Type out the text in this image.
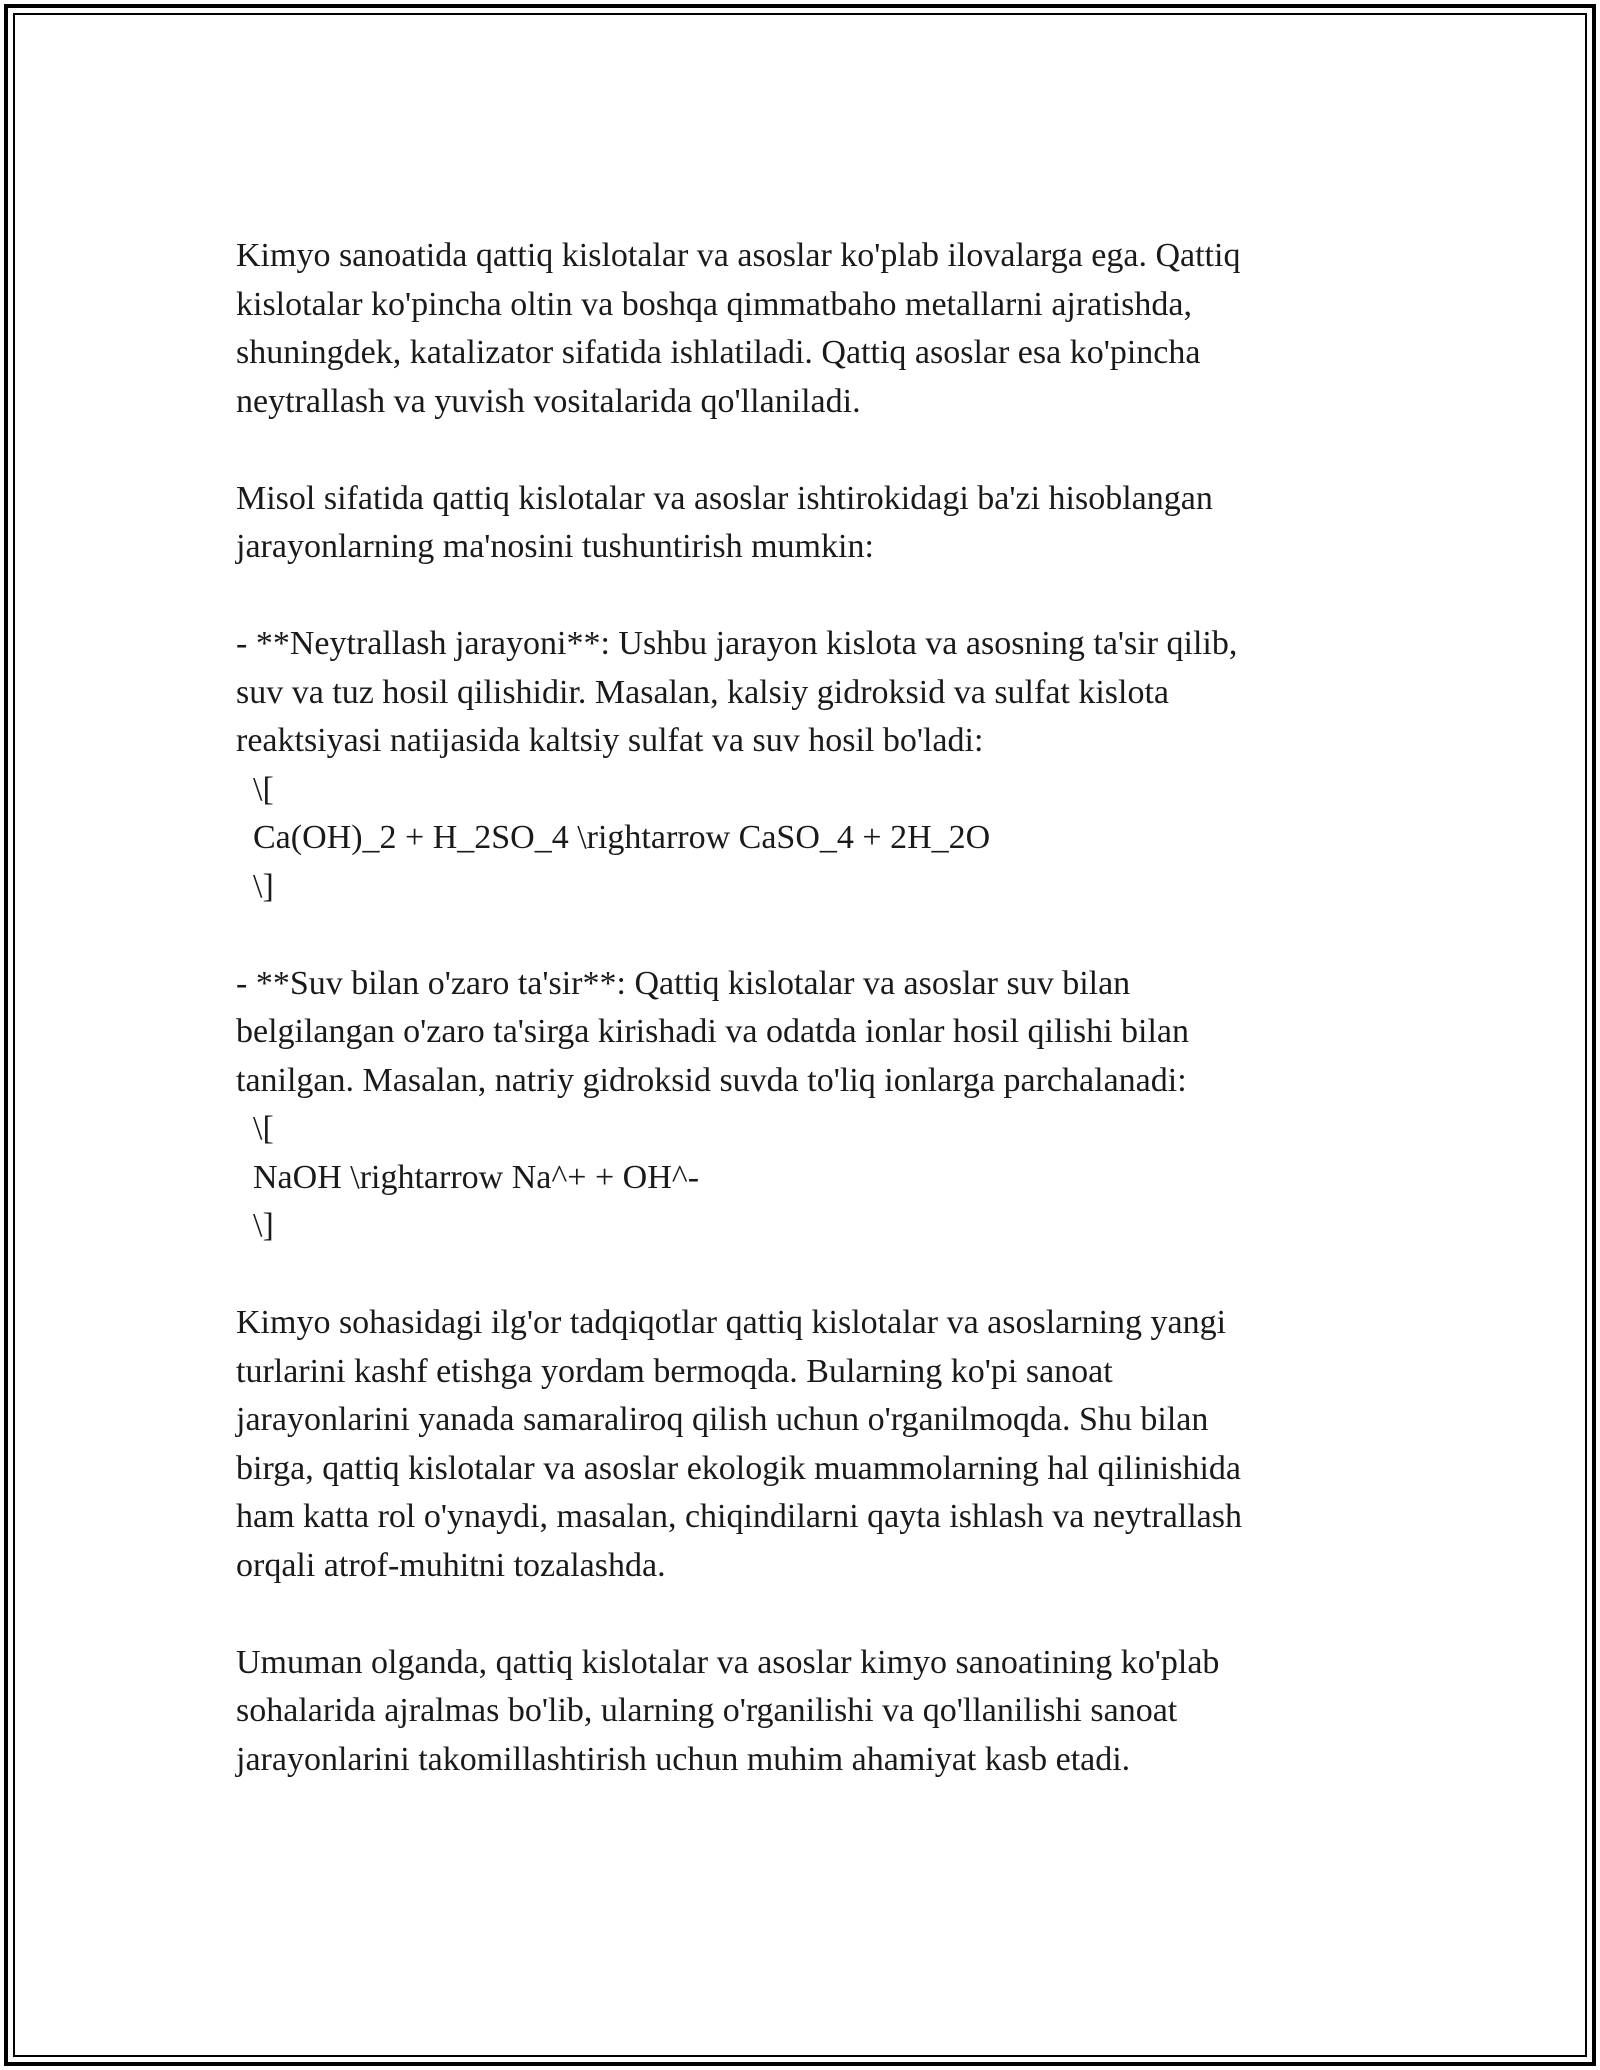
Kimyo sanoatida qattiq kislotalar va asoslar ko'plab ilovalarga ega. Qattiq
kislotalar ko'pincha oltin va boshqa qimmatbaho metallarni ajratishda,
shuningdek, katalizator sifatida ishlatiladi. Qattiq asoslar esa ko'pincha
neytrallash va yuvish vositalarida qo'llaniladi.
Misol sifatida qattiq kislotalar va asoslar ishtirokidagi ba'zi hisoblangan
jarayonlarning ma'nosini tushuntirish mumkin:
- **Neytrallash jarayoni**: Ushbu jarayon kislota va asosning ta'sir qilib,
suv va tuz hosil qilishidir. Masalan, kalsiy gidroksid va sulfat kislota
reaktsiyasi natijasida kaltsiy sulfat va suv hosil bo'ladi:
\[
Ca(OH)_2 + H_2SO_4 \rightarrow CaSO_4 + 2H_2O
\]
- **Suv bilan o'zaro ta'sir**: Qattiq kislotalar va asoslar suv bilan
belgilangan o'zaro ta'sirga kirishadi va odatda ionlar hosil qilishi bilan
tanilgan. Masalan, natriy gidroksid suvda to'liq ionlarga parchalanadi:
\[
NaOH \rightarrow Na^+ + OH^-
\]
Kimyo sohasidagi ilg'or tadqiqotlar qattiq kislotalar va asoslarning yangi
turlarini kashf etishga yordam bermoqda. Bularning ko'pi sanoat
jarayonlarini yanada samaraliroq qilish uchun o'rganilmoqda. Shu bilan
birga, qattiq kislotalar va asoslar ekologik muammolarning hal qilinishida
ham katta rol o'ynaydi, masalan, chiqindilarni qayta ishlash va neytrallash
orqali atrof-muhitni tozalashda.
Umuman olganda, qattiq kislotalar va asoslar kimyo sanoatining ko'plab
sohalarida ajralmas bo'lib, ularning o'rganilishi va qo'llanilishi sanoat
jarayonlarini takomillashtirish uchun muhim ahamiyat kasb etadi.
